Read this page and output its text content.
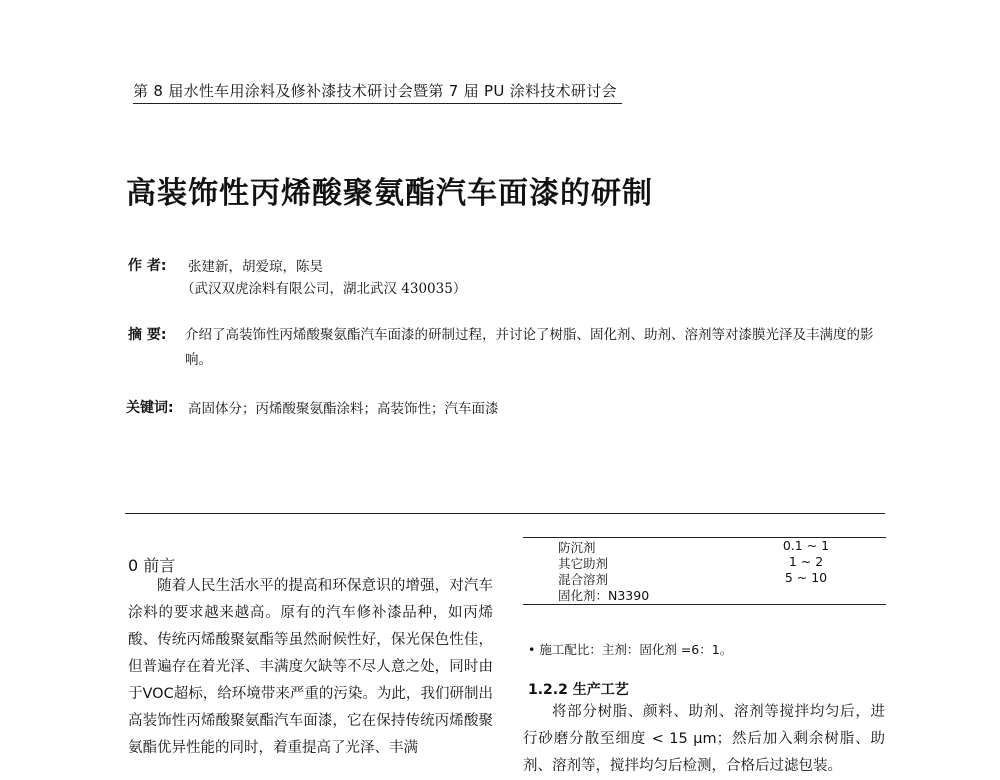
第 8 届水性车用涂料及修补漆技术研讨会暨第 7 届 PU 涂料技术研讨会
高装饰性丙烯酸聚氨酯汽车面漆的研制
作 者: 张建新，胡爱琼，陈昊
（武汉双虎涂料有限公司，湖北武汉 430035）
摘 要: 介绍了高装饰性丙烯酸聚氨酯汽车面漆的研制过程，并讨论了树脂、固化剂、助剂、溶剂等对漆膜光泽及丰满度的影响。
关键词: 高固体分；丙烯酸聚氨酯涂料；高装饰性；汽车面漆
0 前言

随着人民生活水平的提高和环保意识的增强，对汽车涂料的要求越来越高。原有的汽车修补漆品种，如丙烯酸、传统丙烯酸聚氨酯等虽然耐候性好，保光保色性佳，但普遍存在着光泽、丰满度欠缺等不尽人意之处，同时由于VOC超标，给环境带来严重的污染。为此，我们研制出高装饰性丙烯酸聚氨酯汽车面漆，它在保持传统丙烯酸聚氨酯优异性能的同时，着重提高了光泽、丰满

防沉剂	0.1 ~ 1
其它助剂	1 ~ 2
混合溶剂	5 ~ 10
固化剂：N3390
• 施工配比：主剂：固化剂 =6：1。
1.2.2 生产工艺

将部分树脂、颜料、助剂、溶剂等搅拌均匀后，进行砂磨分散至细度 < 15 μm；然后加入剩余树脂、助剂、溶剂等，搅拌均匀后检测，合格后过滤包装。
